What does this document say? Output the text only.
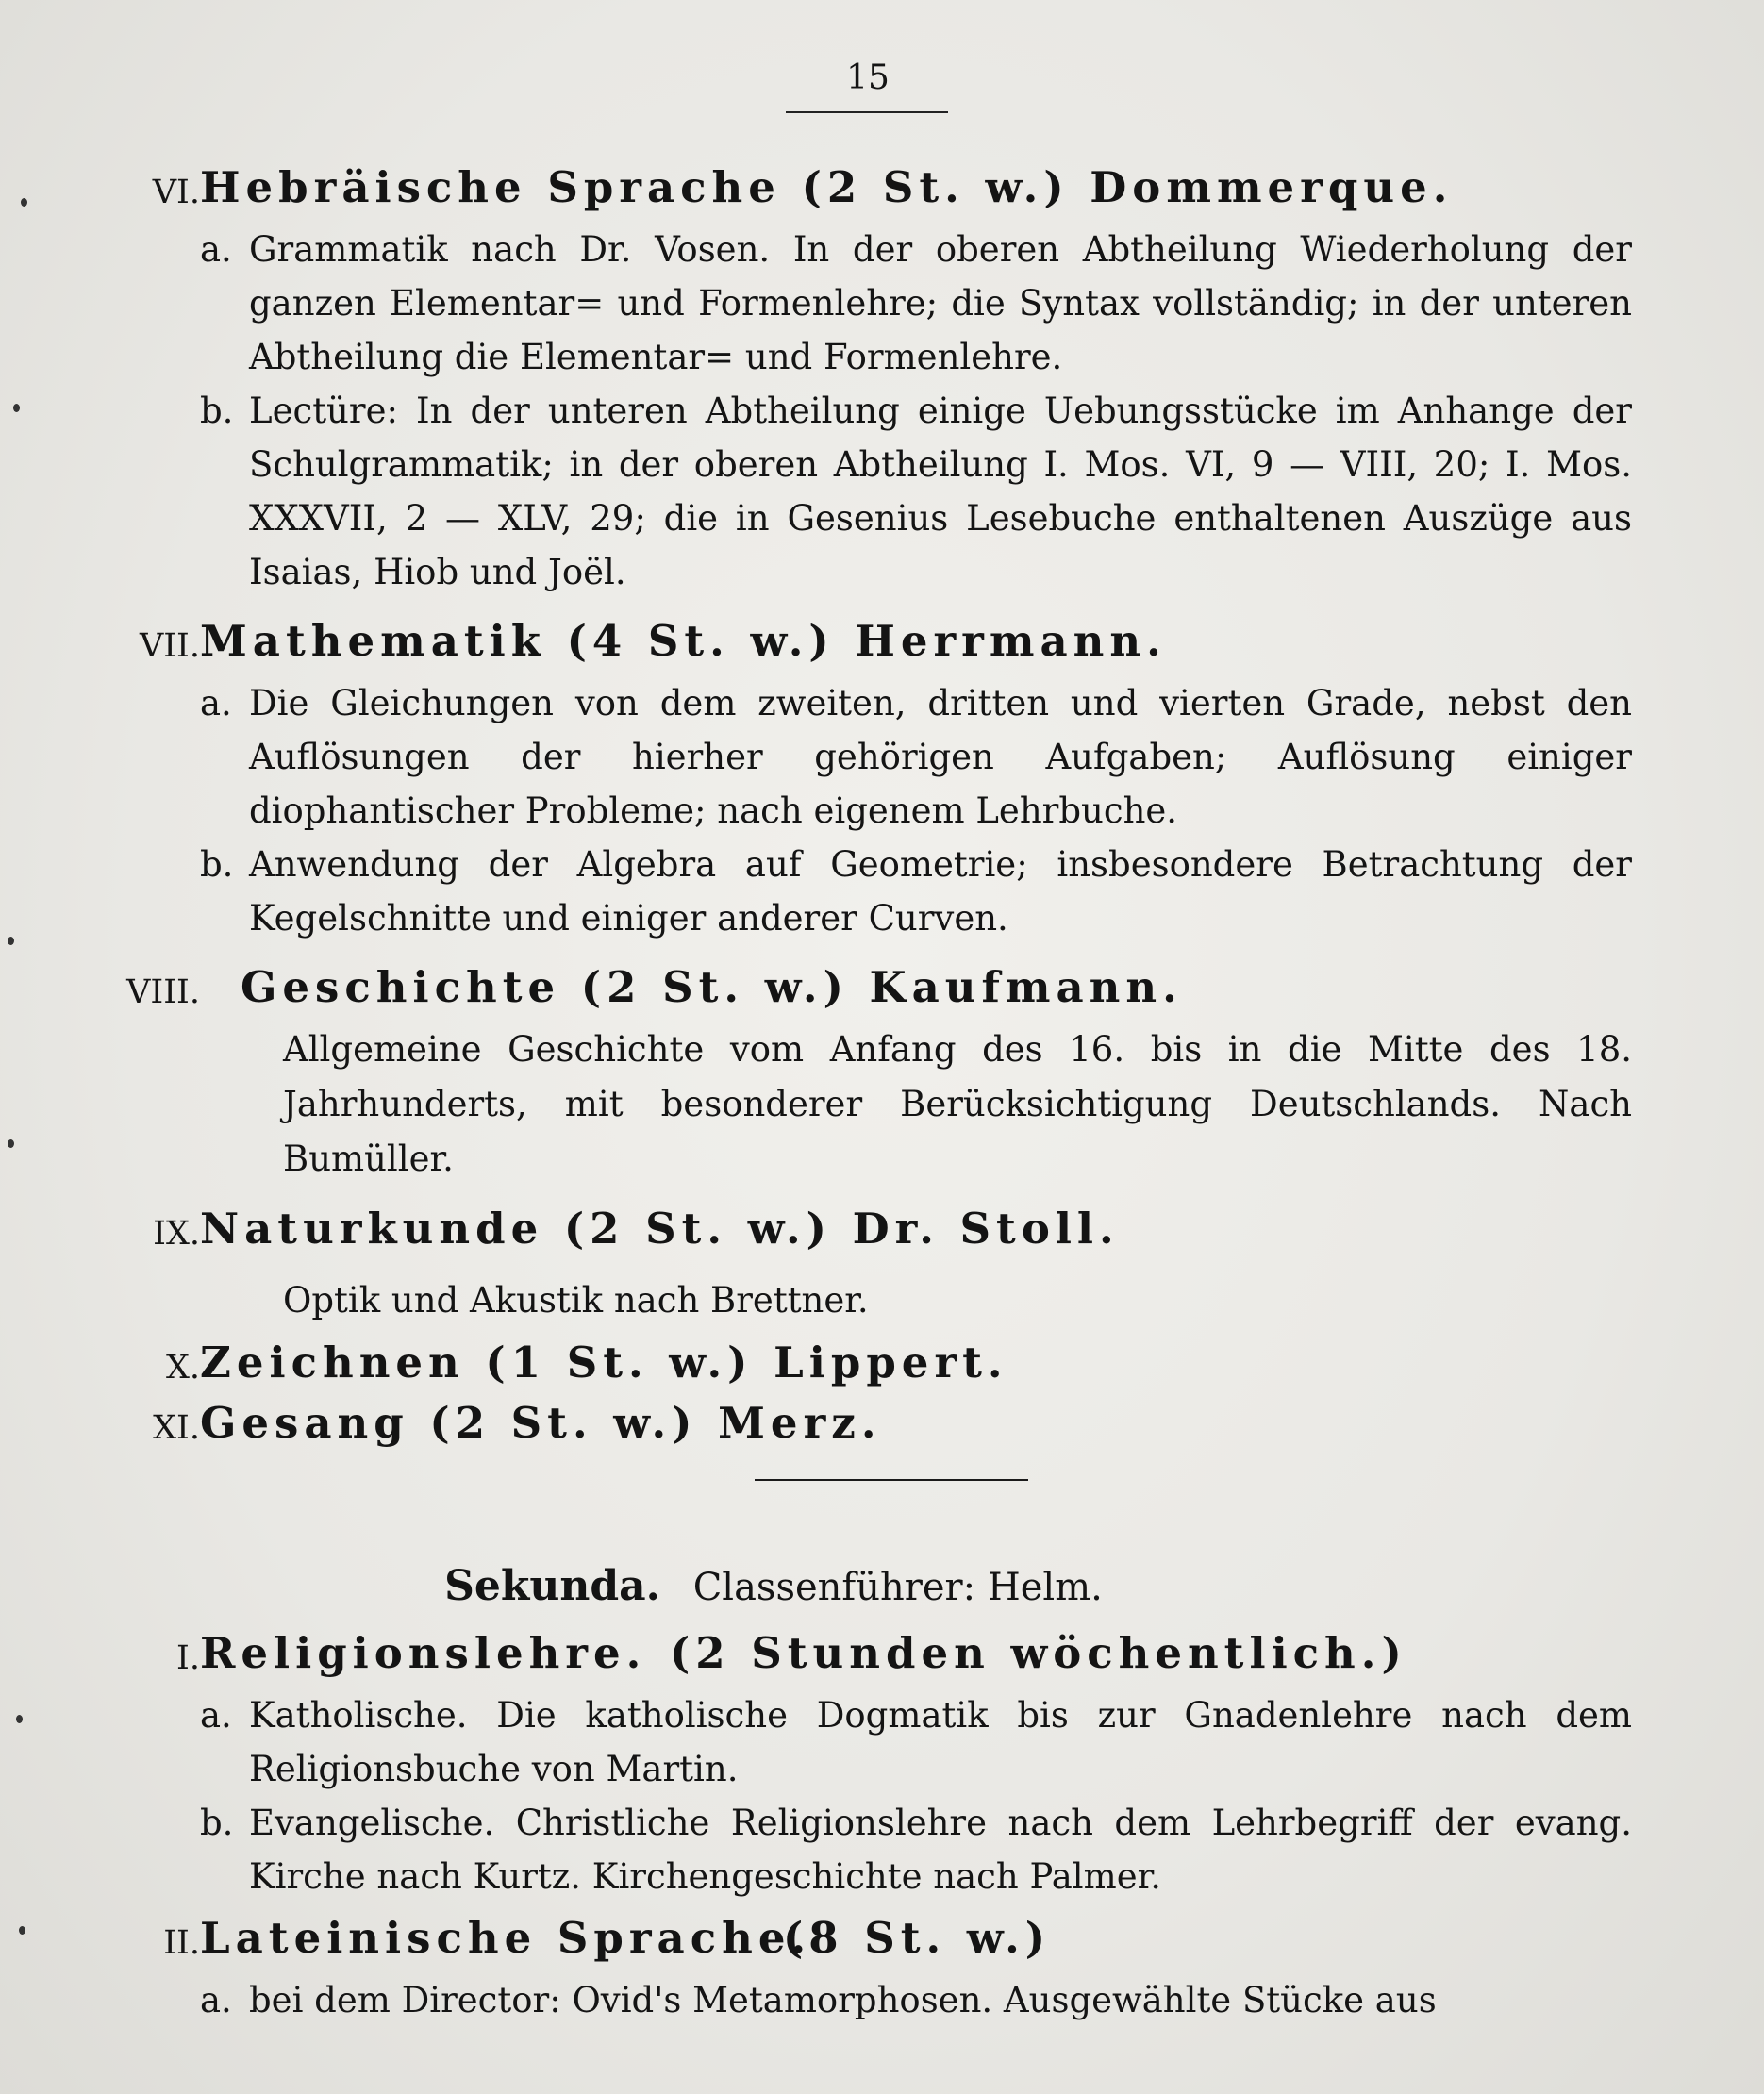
15
VI. Hebräische Sprache (2 St. w.) Dommerque.
a. Grammatik nach Dr. Vosen. In der oberen Abtheilung Wiederholung der ganzen Elementar= und Formenlehre; die Syntax vollständig; in der unteren Abtheilung die Elementar= und Formenlehre.
b. Lectüre: In der unteren Abtheilung einige Uebungsstücke im Anhange der Schulgrammatik; in der oberen Abtheilung I. Mos. VI, 9 — VIII, 20; I. Mos. XXXVII, 2 — XLV, 29; die in Gesenius Lesebuche enthaltenen Auszüge aus Isaias, Hiob und Joël.
VII. Mathematik (4 St. w.) Herrmann.
a. Die Gleichungen von dem zweiten, dritten und vierten Grade, nebst den Auflösungen der hierher gehörigen Aufgaben; Auflösung einiger diophantischer Probleme; nach eigenem Lehrbuche.
b. Anwendung der Algebra auf Geometrie; insbesondere Betrachtung der Kegelschnitte und einiger anderer Curven.
VIII. Geschichte (2 St. w.) Kaufmann.
Allgemeine Geschichte vom Anfang des 16. bis in die Mitte des 18. Jahrhunderts, mit besonderer Berücksichtigung Deutschlands. Nach Bumüller.
IX. Naturkunde (2 St. w.) Dr. Stoll.
Optik und Akustik nach Brettner.
X. Zeichnen (1 St. w.) Lippert.
XI. Gesang (2 St. w.) Merz.
Sekunda. Classenführer: Helm.
I. Religionslehre. (2 Stunden wöchentlich.)
a. Katholische. Die katholische Dogmatik bis zur Gnadenlehre nach dem Religionsbuche von Martin.
b. Evangelische. Christliche Religionslehre nach dem Lehrbegriff der evang. Kirche nach Kurtz. Kirchengeschichte nach Palmer.
II. Lateinische Sprache.
(8 St. w.)
a. bei dem Director: Ovid's Metamorphosen. Ausgewählte Stücke aus
